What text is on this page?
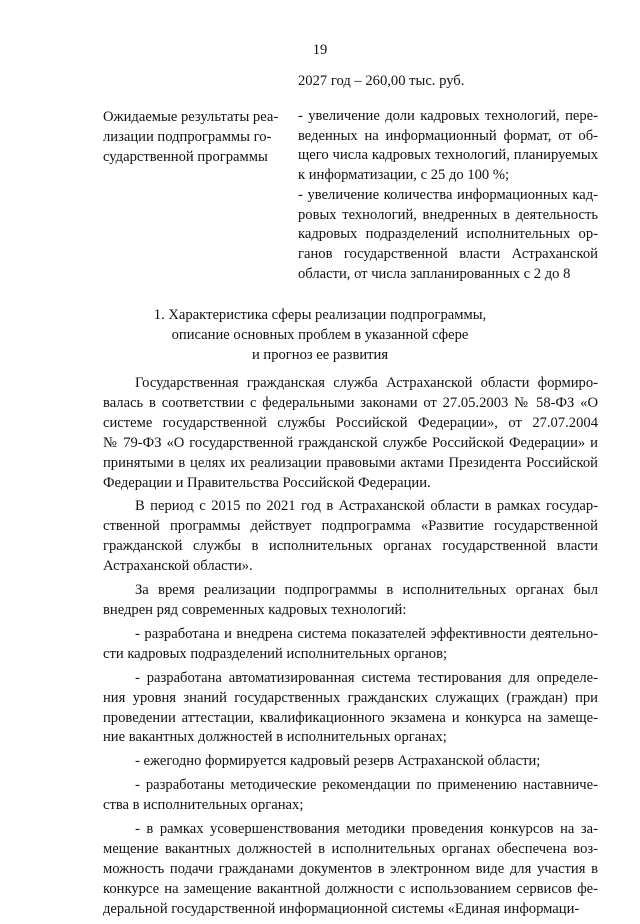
19
2027 год – 260,00 тыс. руб.
Ожидаемые результаты реа-
лизации подпрограммы го-
сударственной программы
- увеличение доли кадровых технологий, пере-
веденных на информационный формат, от об-
щего числа кадровых технологий, планируемых
к информатизации, с 25 до 100 %;
- увеличение количества информационных кад-
ровых технологий, внедренных в деятельность
кадровых подразделений исполнительных ор-
ганов государственной власти Астраханской
области, от числа запланированных с 2 до 8
1. Характеристика сферы реализации подпрограммы,
описание основных проблем в указанной сфере
и прогноз ее развития
Государственная гражданская служба Астраханской области формиро-
валась в соответствии с федеральными законами от 27.05.2003 № 58-ФЗ «О
системе государственной службы Российской Федерации», от 27.07.2004
№ 79-ФЗ «О государственной гражданской службе Российской Федерации» и
принятыми в целях их реализации правовыми актами Президента Российской
Федерации и Правительства Российской Федерации.
В период с 2015 по 2021 год в Астраханской области в рамках государ-
ственной программы действует подпрограмма «Развитие государственной
гражданской службы в исполнительных органах государственной власти
Астраханской области».
За время реализации подпрограммы в исполнительных органах был
внедрен ряд современных кадровых технологий:
- разработана и внедрена система показателей эффективности деятельно-
сти кадровых подразделений исполнительных органов;
- разработана автоматизированная система тестирования для определе-
ния уровня знаний государственных гражданских служащих (граждан) при
проведении аттестации, квалификационного экзамена и конкурса на замеще-
ние вакантных должностей в исполнительных органах;
- ежегодно формируется кадровый резерв Астраханской области;
- разработаны методические рекомендации по применению наставниче-
ства в исполнительных органах;
- в рамках усовершенствования методики проведения конкурсов на за-
мещение вакантных должностей в исполнительных органах обеспечена воз-
можность подачи гражданами документов в электронном виде для участия в
конкурсе на замещение вакантной должности с использованием сервисов фе-
деральной государственной информационной системы «Единая информаци-
